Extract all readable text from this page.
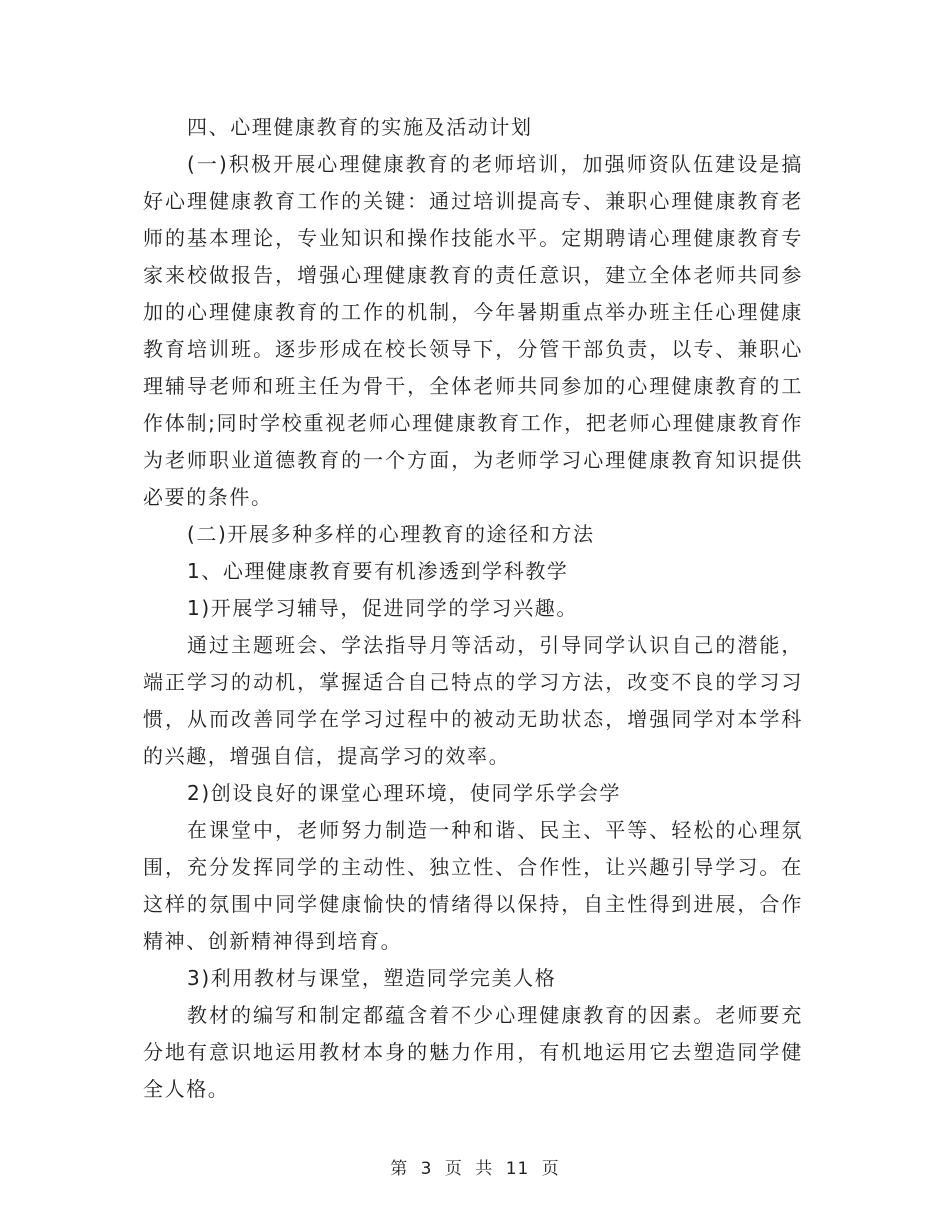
四、心理健康教育的实施及活动计划

(一)积极开展心理健康教育的老师培训，加强师资队伍建设是搞好心理健康教育工作的关键：通过培训提高专、兼职心理健康教育老师的基本理论，专业知识和操作技能水平。定期聘请心理健康教育专家来校做报告，增强心理健康教育的责任意识，建立全体老师共同参加的心理健康教育的工作的机制，今年暑期重点举办班主任心理健康教育培训班。逐步形成在校长领导下，分管干部负责，以专、兼职心理辅导老师和班主任为骨干，全体老师共同参加的心理健康教育的工作体制;同时学校重视老师心理健康教育工作，把老师心理健康教育作为老师职业道德教育的一个方面，为老师学习心理健康教育知识提供必要的条件。

(二)开展多种多样的心理教育的途径和方法

1、心理健康教育要有机渗透到学科教学

1)开展学习辅导，促进同学的学习兴趣。

通过主题班会、学法指导月等活动，引导同学认识自己的潜能，端正学习的动机，掌握适合自己特点的学习方法，改变不良的学习习惯，从而改善同学在学习过程中的被动无助状态，增强同学对本学科的兴趣，增强自信，提高学习的效率。

2)创设良好的课堂心理环境，使同学乐学会学

在课堂中，老师努力制造一种和谐、民主、平等、轻松的心理氛围，充分发挥同学的主动性、独立性、合作性，让兴趣引导学习。在这样的氛围中同学健康愉快的情绪得以保持，自主性得到进展，合作精神、创新精神得到培育。

3)利用教材与课堂，塑造同学完美人格

教材的编写和制定都蕴含着不少心理健康教育的因素。老师要充分地有意识地运用教材本身的魅力作用，有机地运用它去塑造同学健全人格。

第 3 页 共 11 页
